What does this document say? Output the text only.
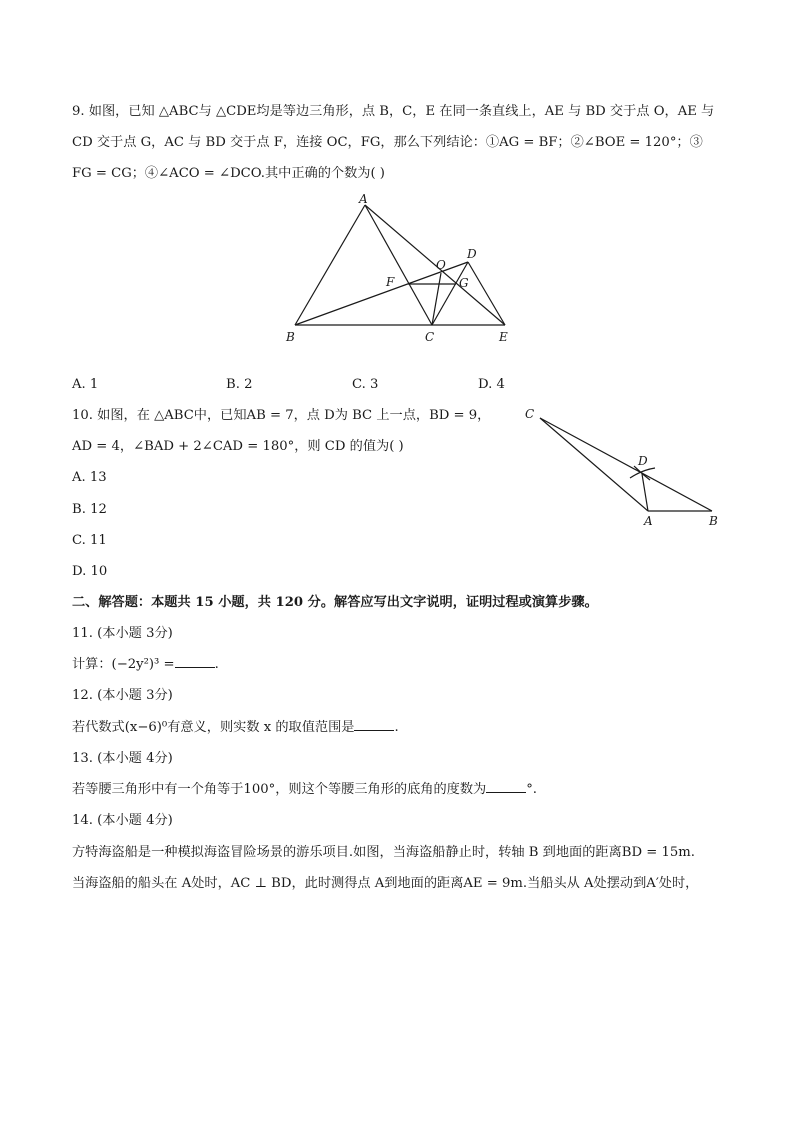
9. 如图，已知 △ABC与 △CDE均是等边三角形，点 B，C，E 在同一条直线上，AE 与 BD 交于点 O，AE 与
CD 交于点 G，AC 与 BD 交于点 F，连接 OC，FG，那么下列结论：①AG = BF；②∠BOE = 120°；③
FG = CG；④∠ACO = ∠DCO.其中正确的个数为( )
A
B	C
D
E
F	G
O
A. 1	B. 2	C. 3	D. 4
10. 如图，在 △ABC中，已知AB = 7，点 D为 BC 上一点，BD = 9，
AD = 4，∠BAD + 2∠CAD = 180°，则 CD 的值为( )
C
D
A	B
A. 13
B. 12
C. 11
D. 10
二、解答题：本题共 15 小题，共 120 分。解答应写出文字说明，证明过程或演算步骤。
11. (本小题 3分)
计算：(−2y²)³ =	.
12. (本小题 3分)
若代数式(x−6)⁰有意义，则实数 x 的取值范围是	.
13. (本小题 4分)
若等腰三角形中有一个角等于100°，则这个等腰三角形的底角的度数为	°.
14. (本小题 4分)
方特海盗船是一种模拟海盗冒险场景的游乐项目.如图，当海盗船静止时，转轴 B 到地面的距离BD = 15m.
当海盗船的船头在 A处时，AC ⊥ BD，此时测得点 A到地面的距离AE = 9m.当船头从 A处摆动到A′处时，
